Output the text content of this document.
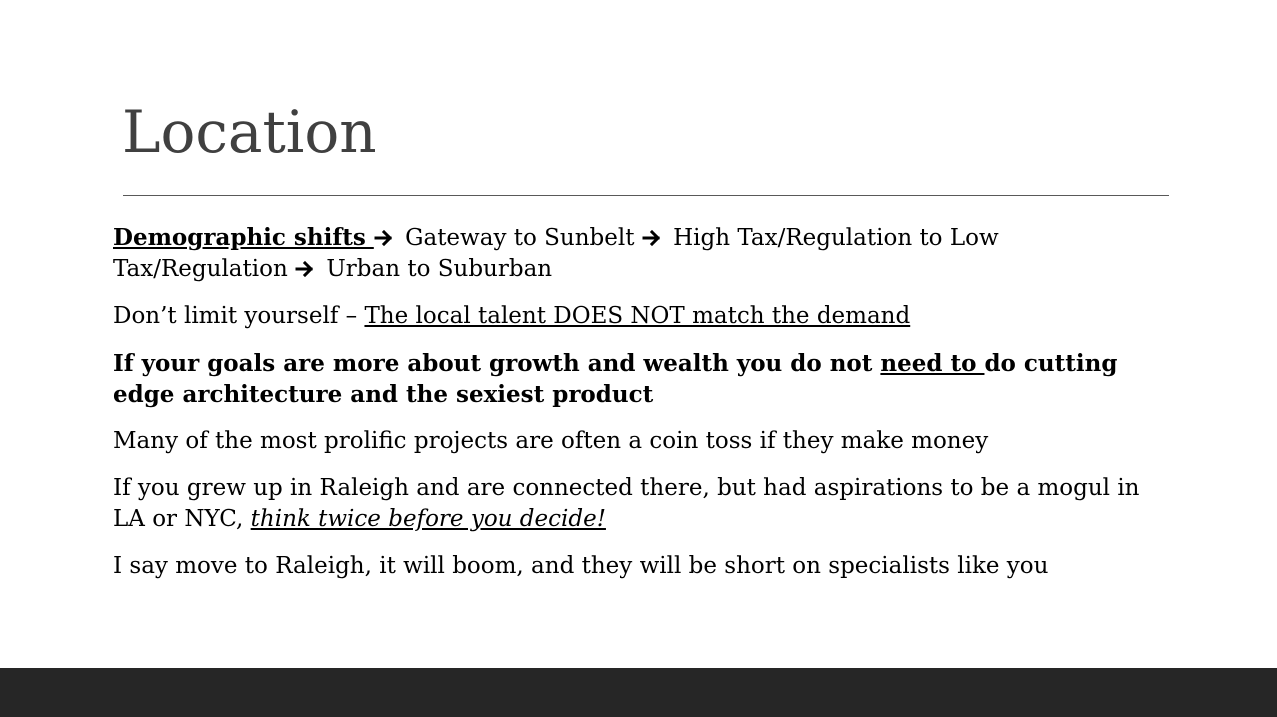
Location

Demographic shifts  Gateway to Sunbelt  High Tax/Regulation to Low Tax/Regulation  Urban to Suburban

Don’t limit yourself – The local talent DOES NOT match the demand

If your goals are more about growth and wealth you do not need to do cutting edge architecture and the sexiest product

Many of the most prolific projects are often a coin toss if they make money

If you grew up in Raleigh and are connected there, but had aspirations to be a mogul in LA or NYC, think twice before you decide!

I say move to Raleigh, it will boom, and they will be short on specialists like you
